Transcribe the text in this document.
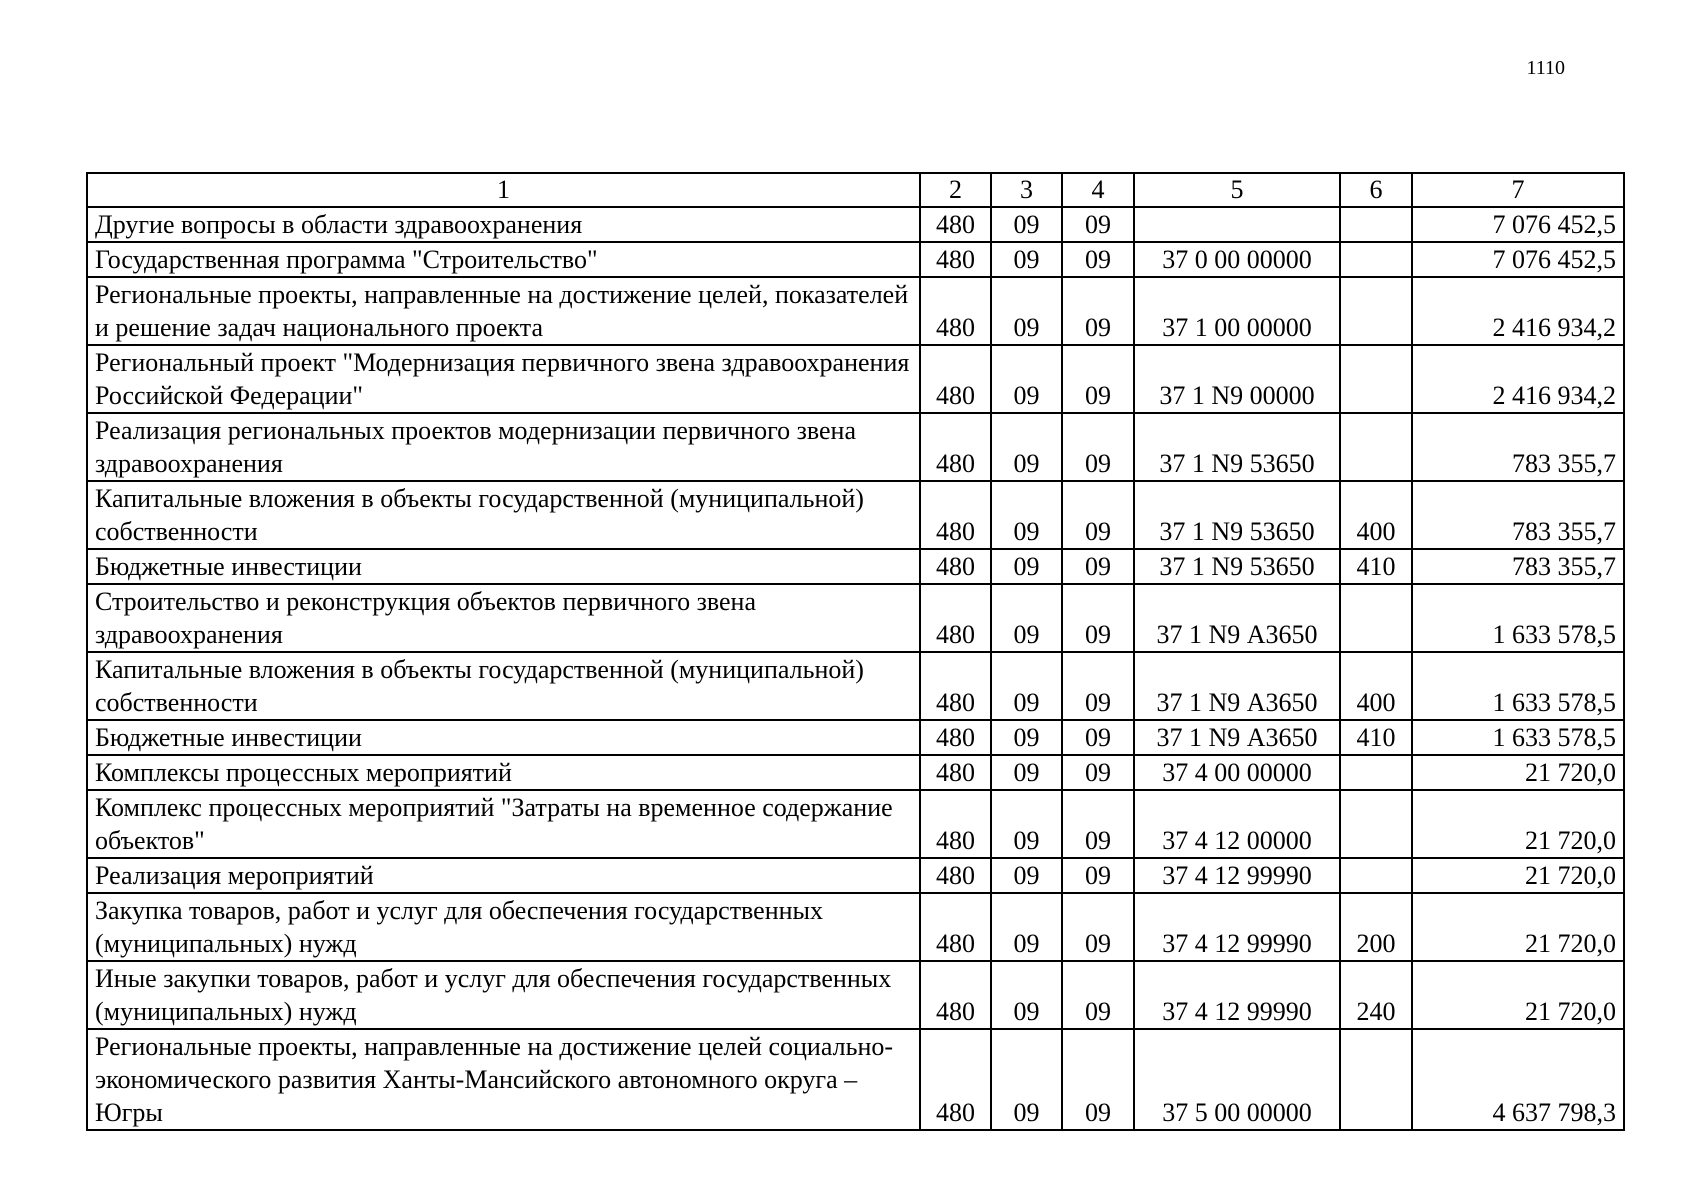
1110
1	2	3	4	5	6	7
Другие вопросы в области здравоохранения	480	09	09			7 076 452,5
Государственная программа "Строительство"	480	09	09	37 0 00 00000		7 076 452,5
Региональные проекты, направленные на достижение целей, показателей и решение задач национального проекта	480	09	09	37 1 00 00000		2 416 934,2
Региональный проект "Модернизация первичного звена здравоохранения Российской Федерации"	480	09	09	37 1 N9 00000		2 416 934,2
Реализация региональных проектов модернизации первичного звена здравоохранения	480	09	09	37 1 N9 53650		783 355,7
Капитальные вложения в объекты государственной (муниципальной) собственности	480	09	09	37 1 N9 53650	400	783 355,7
Бюджетные инвестиции	480	09	09	37 1 N9 53650	410	783 355,7
Строительство и реконструкция объектов первичного звена здравоохранения	480	09	09	37 1 N9 А3650		1 633 578,5
Капитальные вложения в объекты государственной (муниципальной) собственности	480	09	09	37 1 N9 А3650	400	1 633 578,5
Бюджетные инвестиции	480	09	09	37 1 N9 А3650	410	1 633 578,5
Комплексы процессных мероприятий	480	09	09	37 4 00 00000		21 720,0
Комплекс процессных мероприятий "Затраты на временное содержание объектов"	480	09	09	37 4 12 00000		21 720,0
Реализация мероприятий	480	09	09	37 4 12 99990		21 720,0
Закупка товаров, работ и услуг для обеспечения государственных (муниципальных) нужд	480	09	09	37 4 12 99990	200	21 720,0
Иные закупки товаров, работ и услуг для обеспечения государственных (муниципальных) нужд	480	09	09	37 4 12 99990	240	21 720,0
Региональные проекты, направленные на достижение целей социально-экономического развития Ханты-Мансийского автономного округа – Югры	480	09	09	37 5 00 00000		4 637 798,3
